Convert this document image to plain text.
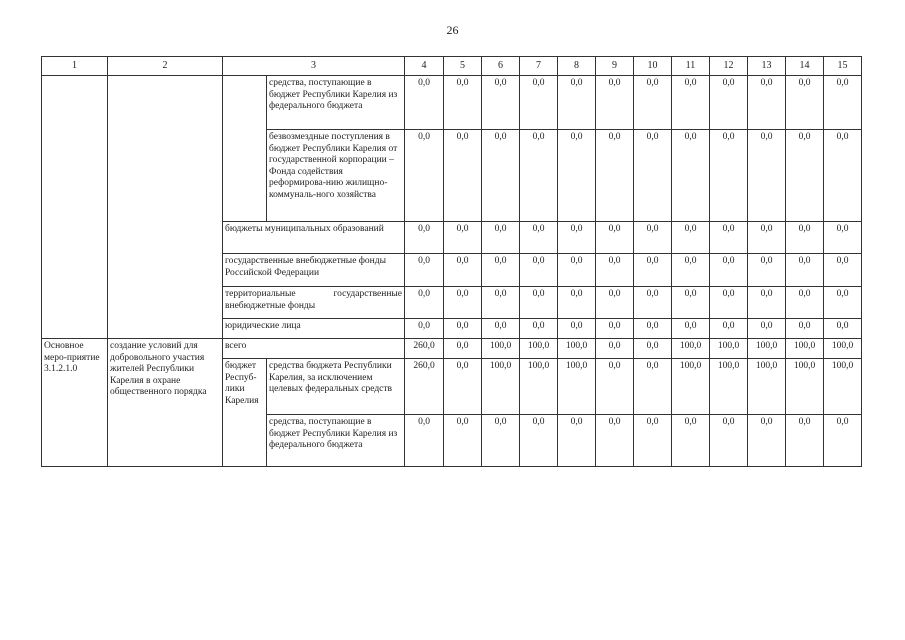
26
1	2	3		4	5	6	7	8	9	10	11	12	13	14	15
			средства, поступающие в бюджет Республики Карелия из федерального бюджета	0,0	0,0	0,0	0,0	0,0	0,0	0,0	0,0	0,0	0,0	0,0	0,0
			безвозмездные поступления в бюджет Республики Карелия от государственной корпорации – Фонда содействия реформирова-нию жилищно-коммуналь-ного хозяйства	0,0	0,0	0,0	0,0	0,0	0,0	0,0	0,0	0,0	0,0	0,0	0,0
		бюджеты муниципальных образований		0,0	0,0	0,0	0,0	0,0	0,0	0,0	0,0	0,0	0,0	0,0	0,0
		государственные внебюджетные фонды Российской Федерации		0,0	0,0	0,0	0,0	0,0	0,0	0,0	0,0	0,0	0,0	0,0	0,0
		территориальные государственные внебюджетные фонды		0,0	0,0	0,0	0,0	0,0	0,0	0,0	0,0	0,0	0,0	0,0	0,0
		юридические лица		0,0	0,0	0,0	0,0	0,0	0,0	0,0	0,0	0,0	0,0	0,0	0,0
Основное меро-приятие 3.1.2.1.0	создание условий для добровольного участия жителей Республики Карелия в охране общественного порядка	всего		260,0	0,0	100,0	100,0	100,0	0,0	0,0	100,0	100,0	100,0	100,0	100,0
		бюджет Респуб-лики Карелия	средства бюджета Республики Карелия, за исключением целевых федеральных средств	260,0	0,0	100,0	100,0	100,0	0,0	0,0	100,0	100,0	100,0	100,0	100,0
			средства, поступающие в бюджет Республики Карелия из федерального бюджета	0,0	0,0	0,0	0,0	0,0	0,0	0,0	0,0	0,0	0,0	0,0	0,0
